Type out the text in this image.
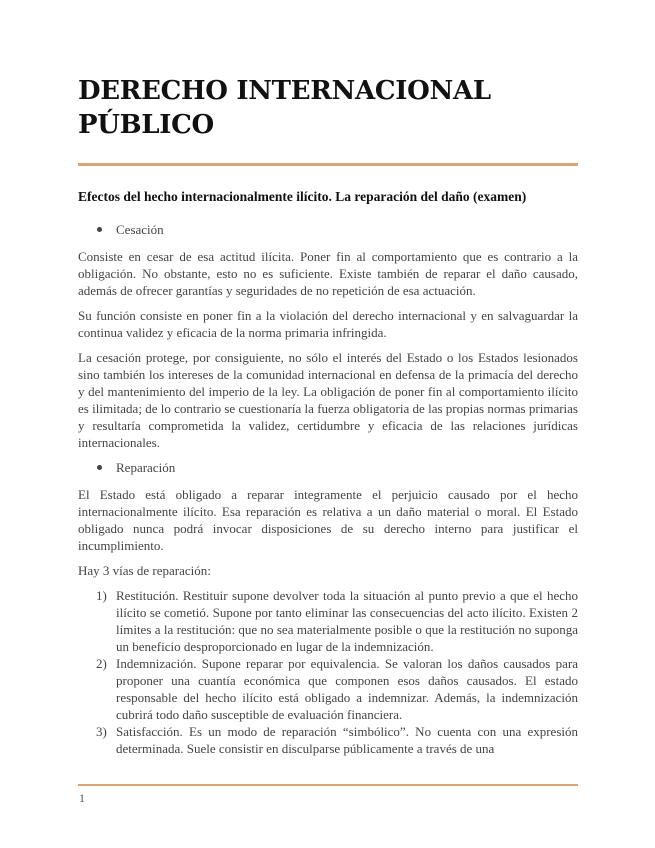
DERECHO INTERNACIONAL
PÚBLICO
Efectos del hecho internacionalmente ilícito. La reparación del daño (examen)
Cesación

Consiste en cesar de esa actitud ilícita. Poner fin al comportamiento que es contrario a la obligación. No obstante, esto no es suficiente. Existe también de reparar el daño causado, además de ofrecer garantías y seguridades de no repetición de esa actuación.

Su función consiste en poner fin a la violación del derecho internacional y en salvaguardar la continua validez y eficacia de la norma primaria infringida.

La cesación protege, por consiguiente, no sólo el interés del Estado o los Estados lesionados sino también los intereses de la comunidad internacional en defensa de la primacía del derecho y del mantenimiento del imperio de la ley. La obligación de poner fin al comportamiento ilícito es ilimitada; de lo contrario se cuestionaría la fuerza obligatoria de las propias normas primarias y resultaría comprometida la validez, certidumbre y eficacia de las relaciones jurídicas internacionales.

Reparación

El Estado está obligado a reparar integramente el perjuicio causado por el hecho internacionalmente ilícito. Esa reparación es relativa a un daño material o moral. El Estado obligado nunca podrá invocar disposiciones de su derecho interno para justificar el incumplimiento.

Hay 3 vías de reparación:

1) Restitución. Restituir supone devolver toda la situación al punto previo a que el hecho ilícito se cometió. Supone por tanto eliminar las consecuencias del acto ilícito. Existen 2 límites a la restitución: que no sea materialmente posible o que la restitución no suponga un beneficio desproporcionado en lugar de la indemnización.
2) Indemnización. Supone reparar por equivalencia. Se valoran los daños causados para proponer una cuantía económica que componen esos daños causados. El estado responsable del hecho ilícito está obligado a indemnizar. Además, la indemnización cubrirá todo daño susceptible de evaluación financiera.
3) Satisfacción. Es un modo de reparación “simbólico”. No cuenta con una expresión determinada. Suele consistir en disculparse públicamente a través de una
1
